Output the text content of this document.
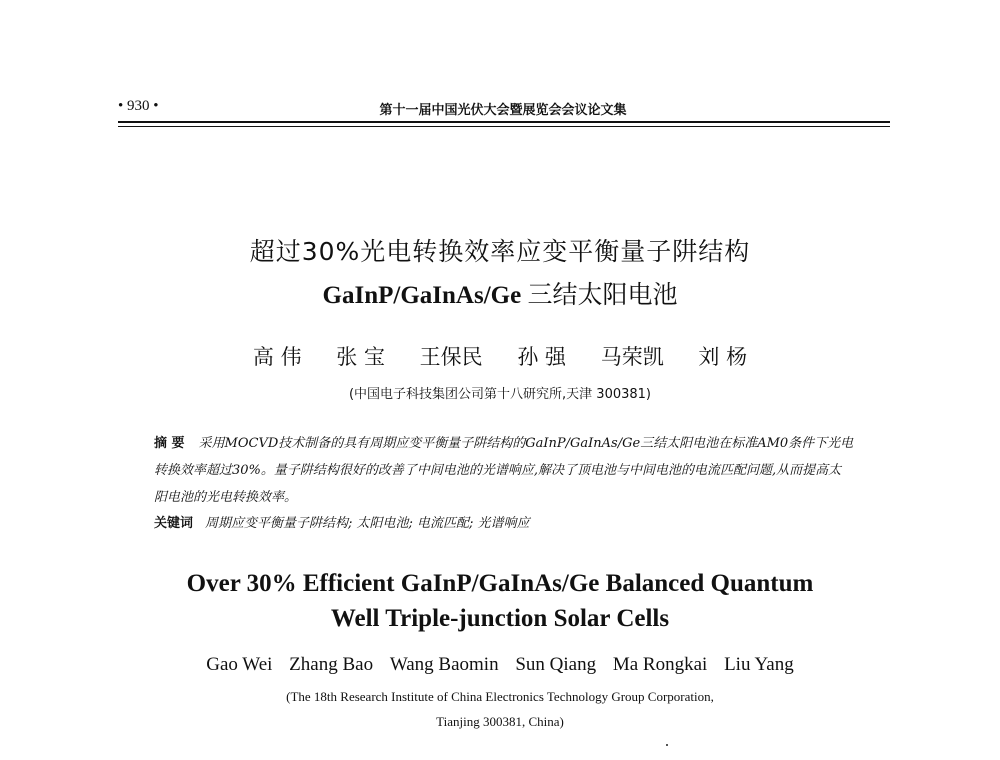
• 930 •	第十一届中国光伏大会暨展览会会议论文集
超过30%光电转换效率应变平衡量子阱结构
GaInP/GaInAs/Ge 三结太阳电池
高 伟 张 宝 王保民 孙 强 马荣凯 刘 杨
(中国电子科技集团公司第十八研究所,天津 300381)
摘 要 采用MOCVD技术制备的具有周期应变平衡量子阱结构的GaInP/GaInAs/Ge三结太阳电池在标准AM0条件下光电转换效率超过30%。量子阱结构很好的改善了中间电池的光谱响应,解决了顶电池与中间电池的电流匹配问题,从而提高太阳电池的光电转换效率。
关键词 周期应变平衡量子阱结构; 太阳电池; 电流匹配; 光谱响应
Over 30% Efficient GaInP/GaInAs/Ge Balanced Quantum
Well Triple-junction Solar Cells
Gao Wei Zhang Bao Wang Baomin Sun Qiang Ma Rongkai Liu Yang
(The 18th Research Institute of China Electronics Technology Group Corporation,
Tianjing 300381, China)
